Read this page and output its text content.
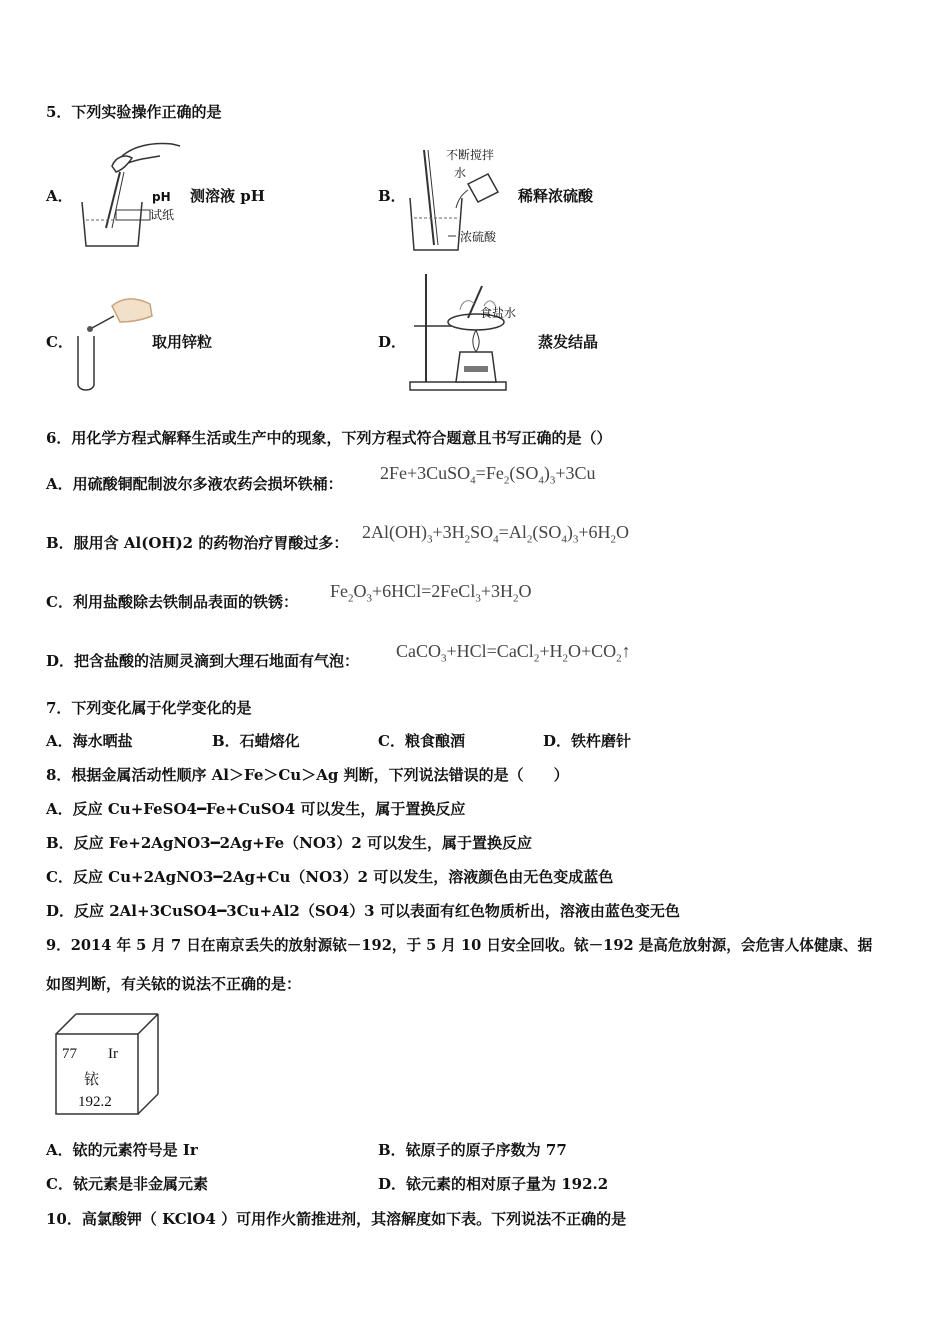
5．下列实验操作正确的是
A．	pH
试纸
测溶液 pH	B．
不断搅拌
水
浓硫酸
稀释浓硫酸
C．	取用锌粒	D．
食盐水
蒸发结晶
6．用化学方程式解释生活或生产中的现象，下列方程式符合题意且书写正确的是（）
A．用硫酸铜配制波尔多液农药会损坏铁桶：
$2Fe+3CuSO_4=Fe_2(SO_4)_3+3Cu$
B．服用含 Al(OH)2 的药物治疗胃酸过多：
$2Al(OH)_3+3H_2SO_4=Al_2(SO_4)_3+6H_2O$
C．利用盐酸除去铁制品表面的铁锈：
$Fe_2O_3+6HCl=2FeCl_3+3H_2O$
D．把含盐酸的洁厕灵滴到大理石地面有气泡： $CaCO_3+HCl=CaCl_2+H_2O+CO_2↑$
7．下列变化属于化学变化的是
A．海水晒盐	B．石蜡熔化	C．粮食酿酒	D．铁杵磨针
8．根据金属活动性顺序 Al＞Fe＞Cu＞Ag 判断，下列说法错误的是（　　）
A．反应 Cu+FeSO4━Fe+CuSO4 可以发生，属于置换反应
B．反应 Fe+2AgNO3━2Ag+Fe（NO3）2 可以发生，属于置换反应
C．反应 Cu+2AgNO3━2Ag+Cu（NO3）2 可以发生，溶液颜色由无色变成蓝色
D．反应 2Al+3CuSO4━3Cu+Al2（SO4）3 可以表面有红色物质析出，溶液由蓝色变无色
9．2014 年 5 月 7 日在南京丢失的放射源铱－192，于 5 月 10 日安全回收。铱－192 是高危放射源，会危害人体健康、据
如图判断，有关铱的说法不正确的是：
77 Ir
铱
192.2
A．铱的元素符号是 Ir	B．铱原子的原子序数为 77
C．铱元素是非金属元素	D．铱元素的相对原子量为 192.2
10．高氯酸钾（ KClO4 ）可用作火箭推进剂，其溶解度如下表。下列说法不正确的是
